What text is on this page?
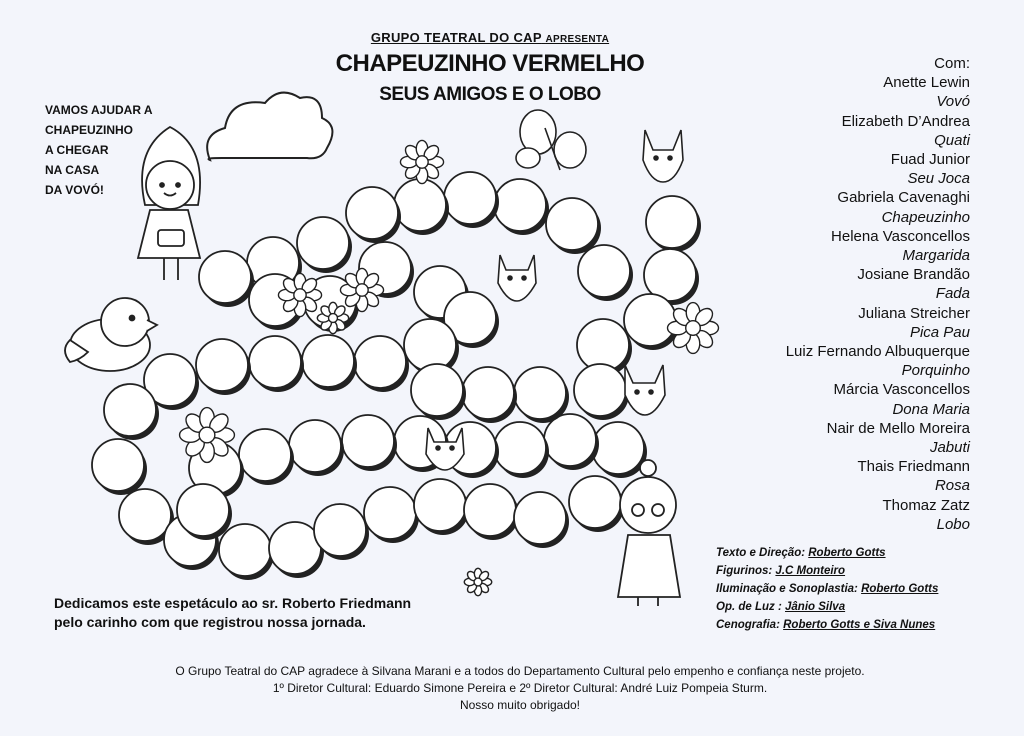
GRUPO TEATRAL DO CAP APRESENTA
CHAPEUZINHO VERMELHO
SEUS AMIGOS E O LOBO
VAMOS AJUDAR A
CHAPEUZINHO
A CHEGAR
NA CASA
DA VOVÓ!
Com:
Anette Lewin
Vovó
Elizabeth D’Andrea
Quati
Fuad Junior
Seu Joca
Gabriela Cavenaghi
Chapeuzinho
Helena Vasconcellos
Margarida
Josiane Brandão
Fada
Juliana Streicher
Pica Pau
Luiz Fernando Albuquerque
Porquinho
Márcia Vasconcellos
Dona Maria
Nair de Mello Moreira
Jabuti
Thais Friedmann
Rosa
Thomaz Zatz
Lobo
Texto e Direção: Roberto Gotts
Figurinos: J.C Monteiro
Iluminação e Sonoplastia: Roberto Gotts
Op. de Luz : Jânio Silva
Cenografia: Roberto Gotts e Siva Nunes
Dedicamos este espetáculo ao sr. Roberto Friedmann
pelo carinho com que registrou nossa jornada.
O Grupo Teatral do CAP agradece à Silvana Marani e a todos do Departamento Cultural pelo empenho e confiança neste projeto.
1º Diretor Cultural: Eduardo Simone Pereira e 2º Diretor Cultural: André Luiz Pompeia Sturm.
Nosso muito obrigado!
